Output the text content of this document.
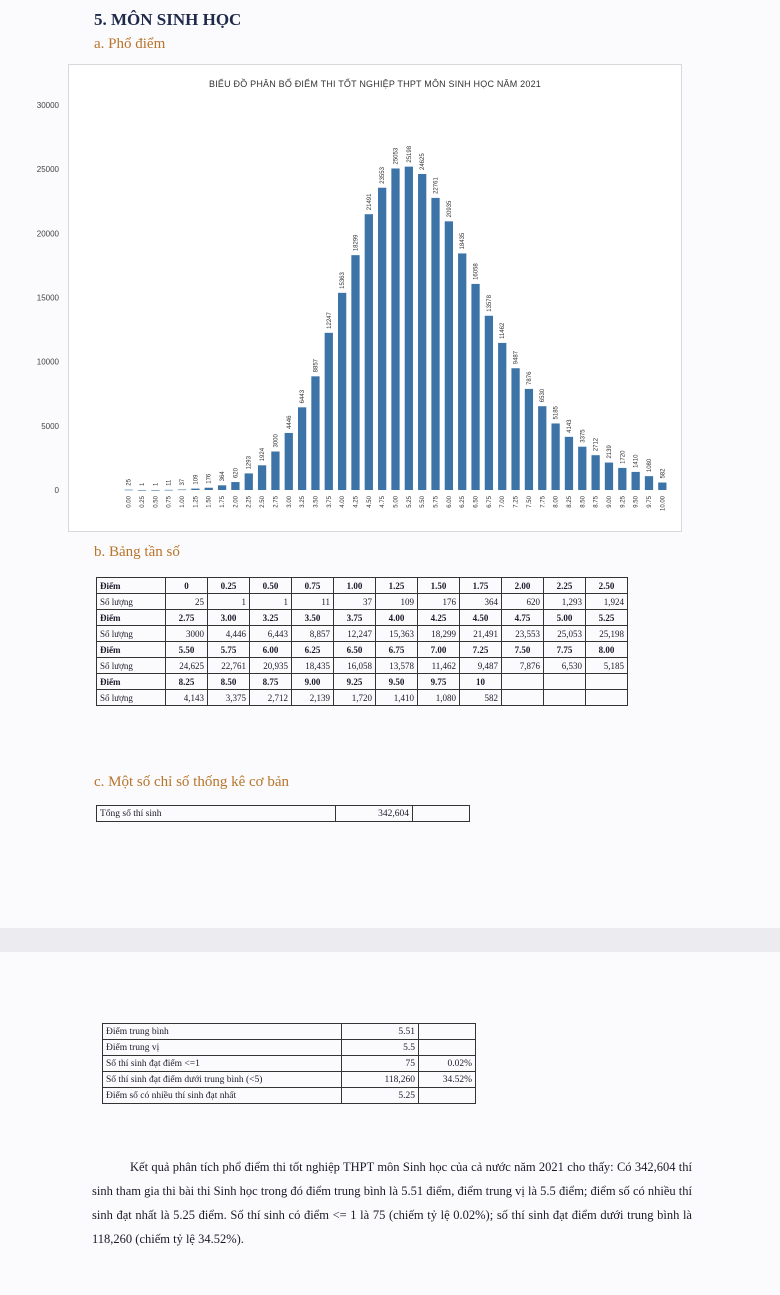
5. MÔN SINH HỌC
a. Phổ điểm
BIỂU ĐỒ PHÂN BỐ ĐIỂM THI TỐT NGHIỆP THPT MÔN SINH HỌC NĂM 2021
0
5000
10000
15000
20000
25000
30000
25
0.00
1
0.25
1
0.50
11
0.75
37
1.00
109
1.25
176
1.50
364
1.75
620
2.00
1293
2.25
1924
2.50
3000
2.75
4446
3.00
6443
3.25
8857
3.50
12247
3.75
15363
4.00
18299
4.25
21491
4.50
23553
4.75
25053
5.00
25198
5.25
24625
5.50
22761
5.75
20935
6.00
18435
6.25
16058
6.50
13578
6.75
11462
7.00
9487
7.25
7876
7.50
6530
7.75
5185
8.00
4143
8.25
3375
8.50
2712
8.75
2139
9.00
1720
9.25
1410
9.50
1080
9.75
582
10.00
b. Bảng tần số
Điểm	0	0.25	0.50	0.75	1.00	1.25	1.50	1.75	2.00	2.25	2.50
Số lượng	25	1	1	11	37	109	176	364	620	1,293	1,924
Điểm	2.75	3.00	3.25	3.50	3.75	4.00	4.25	4.50	4.75	5.00	5.25
Số lượng	3000	4,446	6,443	8,857	12,247	15,363	18,299	21,491	23,553	25,053	25,198
Điểm	5.50	5.75	6.00	6.25	6.50	6.75	7.00	7.25	7.50	7.75	8.00
Số lượng	24,625	22,761	20,935	18,435	16,058	13,578	11,462	9,487	7,876	6,530	5,185
Điểm	8.25	8.50	8.75	9.00	9.25	9.50	9.75	10			
Số lượng	4,143	3,375	2,712	2,139	1,720	1,410	1,080	582			
c. Một số chỉ số thống kê cơ bản
Tổng số thí sinh	342,604	
Điểm trung bình	5.51	
Điểm trung vị	5.5	
Số thí sinh đạt điểm <=1	75	0.02%
Số thí sinh đạt điểm dưới trung bình (<5)	118,260	34.52%
Điểm số có nhiều thí sinh đạt nhất	5.25	
Kết quả phân tích phổ điểm thi tốt nghiệp THPT môn Sinh học của cả nước năm 2021 cho thấy: Có 342,604 thí sinh tham gia thi bài thi Sinh học trong đó điểm trung bình là 5.51 điểm, điểm trung vị là 5.5 điểm; điểm số có nhiều thí sinh đạt nhất là 5.25 điểm. Số thí sinh có điểm <= 1 là 75 (chiếm tỷ lệ 0.02%); số thí sinh đạt điểm dưới trung bình là 118,260 (chiếm tỷ lệ 34.52%).
